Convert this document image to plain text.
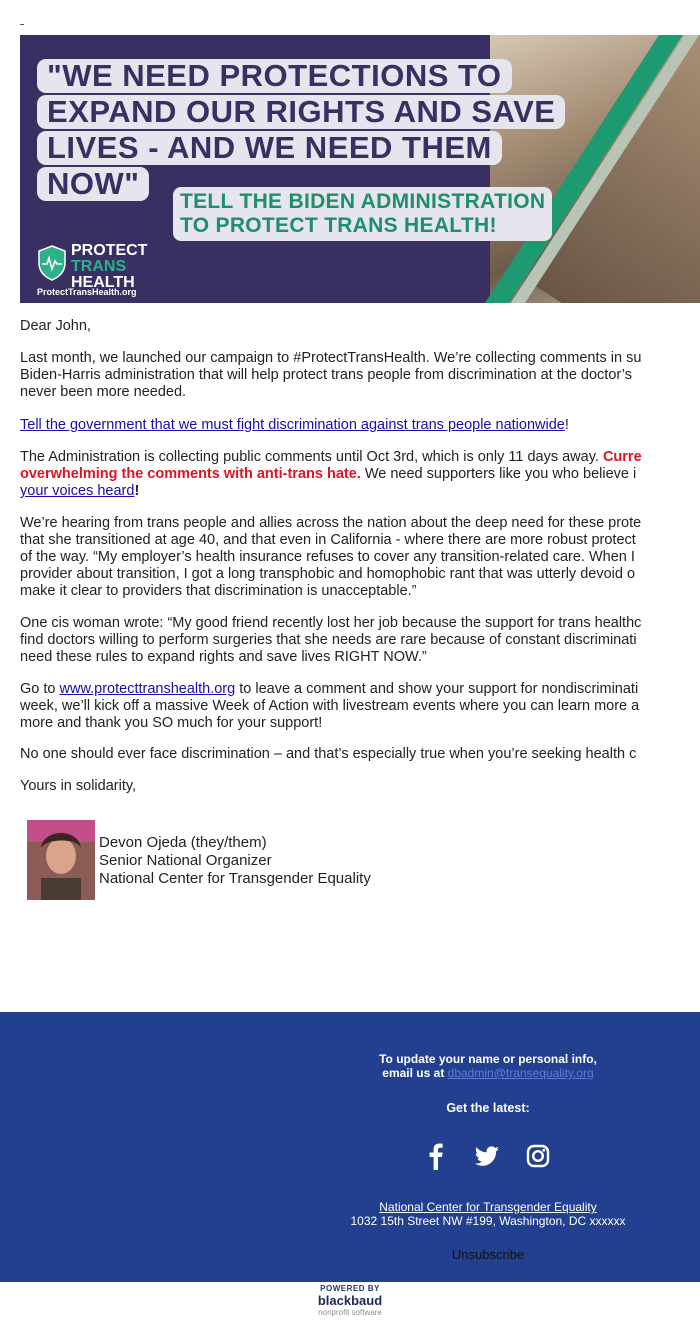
"WE NEED PROTECTIONS TO
EXPAND OUR RIGHTS AND SAVE
LIVES - AND WE NEED THEM
NOW"
TELL THE BIDEN ADMINISTRATION
TO PROTECT TRANS HEALTH!
PROTECT
TRANS
HEALTH
ProtectTransHealth.org

Dear John,

Last month, we launched our campaign to #ProtectTransHealth. We’re collecting comments in su
Biden-Harris administration that will help protect trans people from discrimination at the doctor’s
never been more needed.

Tell the government that we must fight discrimination against trans people nationwide!

The Administration is collecting public comments until Oct 3rd, which is only 11 days away. Curre
overwhelming the comments with anti-trans hate. We need supporters like you who believe i
your voices heard!

We’re hearing from trans people and allies across the nation about the deep need for these prote
that she transitioned at age 40, and that even in California - where there are more robust protect
of the way. “My employer’s health insurance refuses to cover any transition-related care. When I
provider about transition, I got a long transphobic and homophobic rant that was utterly devoid o
make it clear to providers that discrimination is unacceptable.”

One cis woman wrote: “My good friend recently lost her job because the support for trans healthc
find doctors willing to perform surgeries that she needs are rare because of constant discriminati
need these rules to expand rights and save lives RIGHT NOW.”

Go to www.protecttranshealth.org to leave a comment and show your support for nondiscriminati
week, we’ll kick off a massive Week of Action with livestream events where you can learn more a
more and thank you SO much for your support!

No one should ever face discrimination – and that’s especially true when you’re seeking health c

Yours in solidarity,

Devon Ojeda (they/them)
Senior National Organizer
National Center for Transgender Equality
To update your name or personal info,
email us at dbadmin@transequality.org
Get the latest:
National Center for Transgender Equality
1032 15th Street NW #199, Washington, DC xxxxxx
Unsubscribe
POWERED BY
blackbaud
nonprofit software
